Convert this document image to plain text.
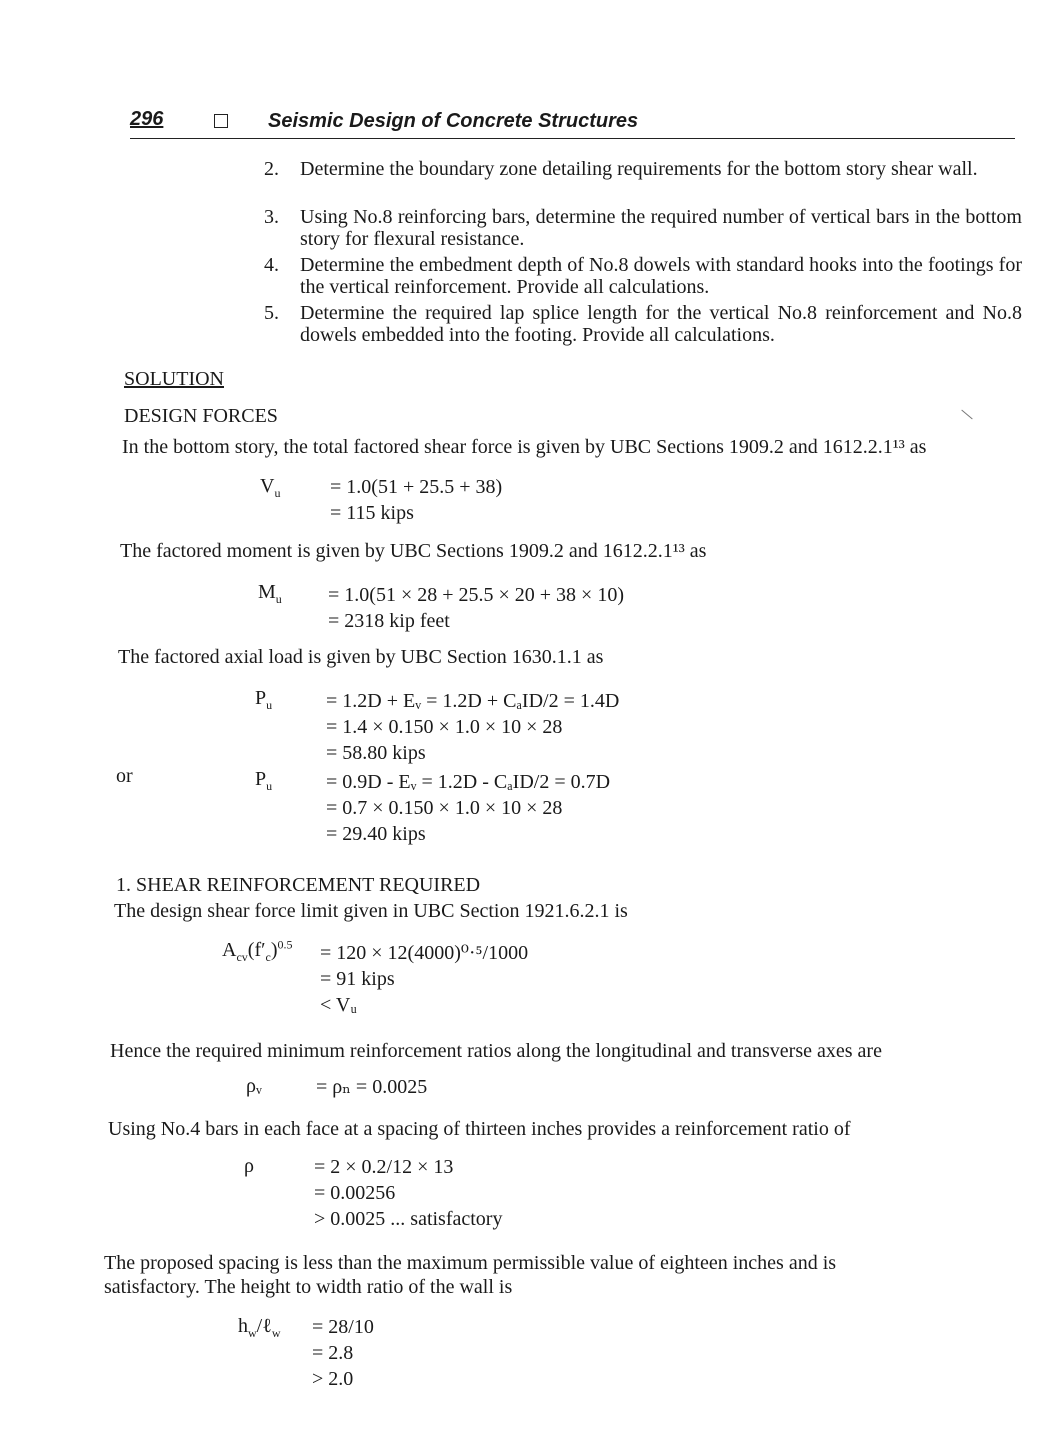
296	Seismic Design of Concrete Structures
2. Determine the boundary zone detailing requirements for the bottom story shear wall.
3. Using No.8 reinforcing bars, determine the required number of vertical bars in the bottom story for flexural resistance.
4. Determine the embedment depth of No.8 dowels with standard hooks into the footings for the vertical reinforcement. Provide all calculations.
5. Determine the required lap splice length for the vertical No.8 reinforcement and No.8 dowels embedded into the footing. Provide all calculations.
SOLUTION
DESIGN FORCES
In the bottom story, the total factored shear force is given by UBC Sections 1909.2 and 1612.2.1¹³ as
$V_u = 1.0(51 + 25.5 + 38)$
= 115 kips
The factored moment is given by UBC Sections 1909.2 and 1612.2.1¹³ as
$M_u = 1.0(51 \times 28 + 25.5 \times 20 + 38 \times 10)$
= 2318 kip feet
The factored axial load is given by UBC Section 1630.1.1 as
$P_u$	= 1.2D + Eᵥ = 1.2D + CₐID/2 = 1.4D
= 1.4 × 0.150 × 1.0 × 10 × 28
= 58.80 kips
or	$P_u$	= 0.9D - Eᵥ = 1.2D - CₐID/2 = 0.7D
= 0.7 × 0.150 × 1.0 × 10 × 28
= 29.40 kips
1. SHEAR REINFORCEMENT REQUIRED
The design shear force limit given in UBC Section 1921.6.2.1 is
$A_{cv}(f'_c)^{0.5} = 120 \times 12(4000)^0\cdot^5/1000$
= 91 kips
< Vᵤ
Hence the required minimum reinforcement ratios along the longitudinal and transverse axes are
ρᵥ	= ρₙ = 0.0025
Using No.4 bars in each face at a spacing of thirteen inches provides a reinforcement ratio of
ρ	= 2 × 0.2/12 × 13
= 0.00256
> 0.0025 ... satisfactory
The proposed spacing is less than the maximum permissible value of eighteen inches and is
satisfactory. The height to width ratio of the wall is
$h_w/\ell_w = 28/10$
= 2.8
> 2.0
